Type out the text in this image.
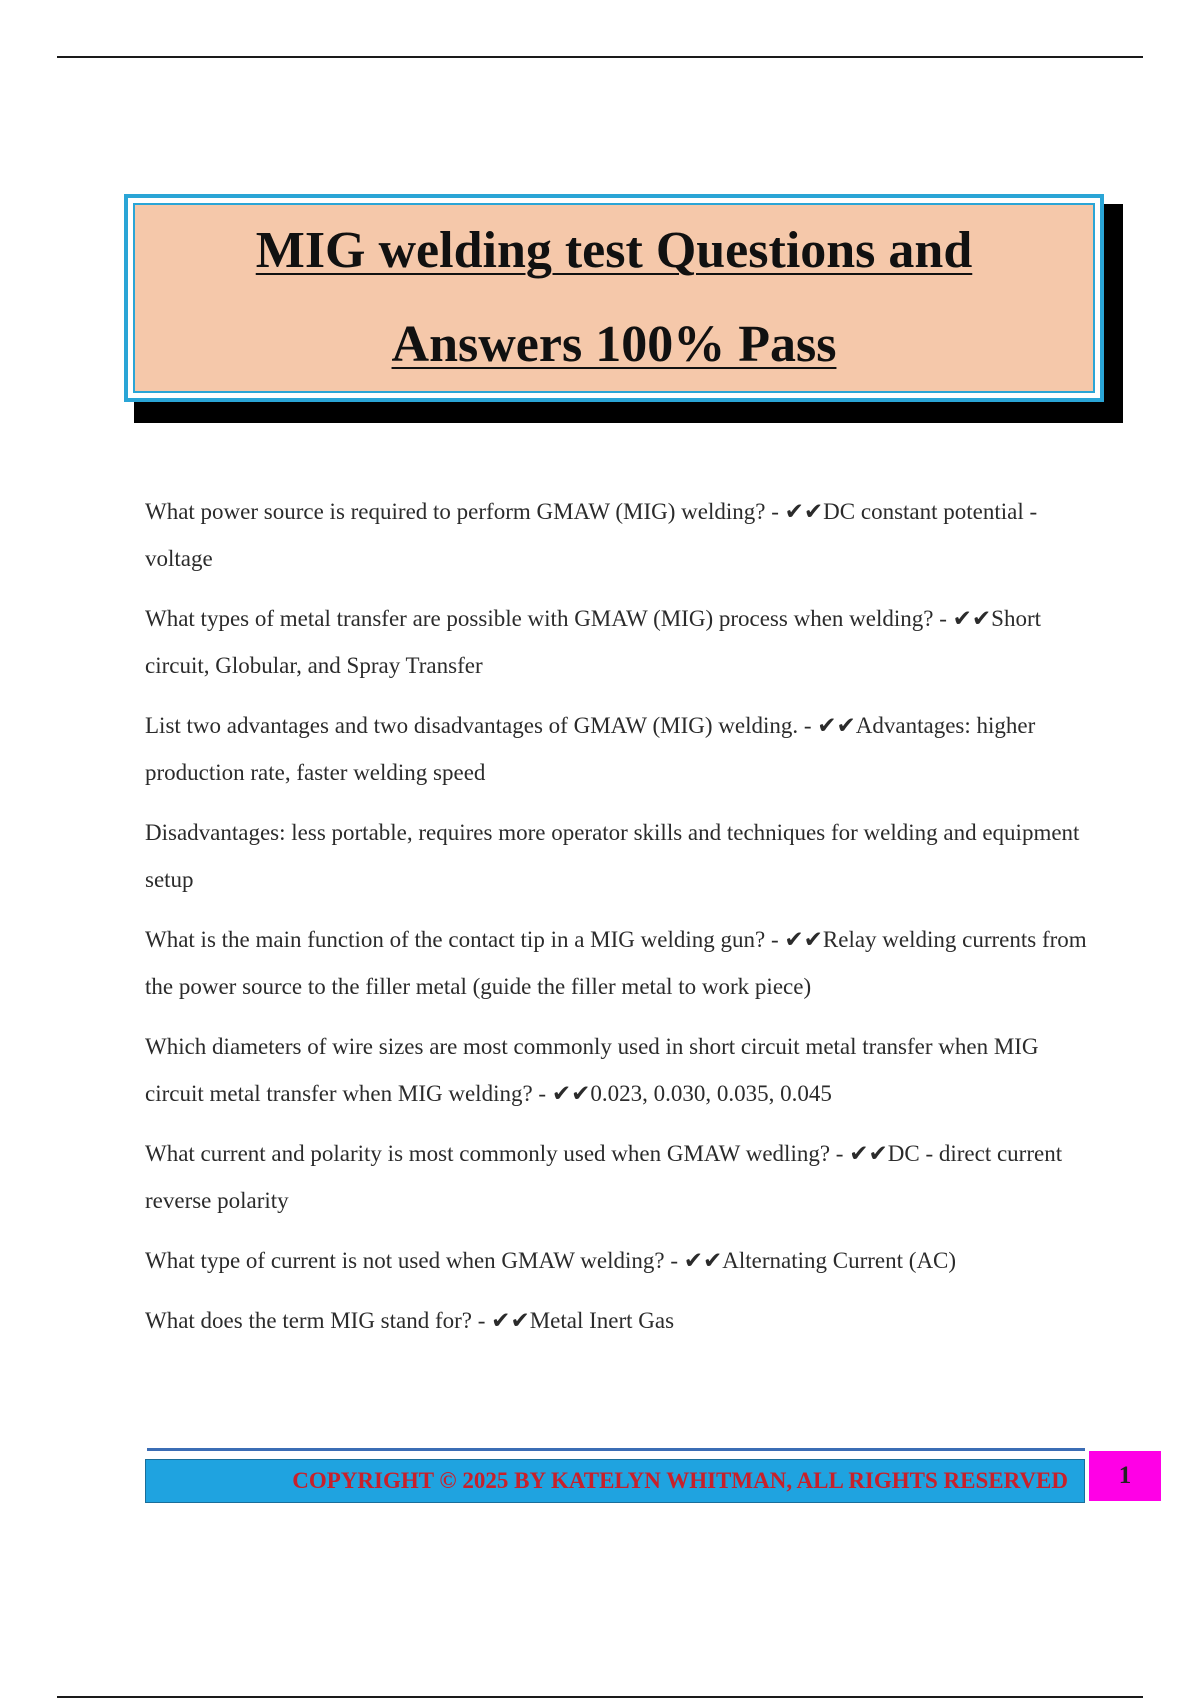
MIG welding test Questions and
Answers 100% Pass

What power source is required to perform GMAW (MIG) welding? - ✔✔DC constant potential - voltage

What types of metal transfer are possible with GMAW (MIG) process when welding? - ✔✔Short circuit, Globular, and Spray Transfer

List two advantages and two disadvantages of GMAW (MIG) welding. - ✔✔Advantages: higher production rate, faster welding speed

Disadvantages: less portable, requires more operator skills and techniques for welding and equipment setup

What is the main function of the contact tip in a MIG welding gun? - ✔✔Relay welding currents from the power source to the filler metal (guide the filler metal to work piece)

Which diameters of wire sizes are most commonly used in short circuit metal transfer when MIG circuit metal transfer when MIG welding? - ✔✔0.023, 0.030, 0.035, 0.045

What current and polarity is most commonly used when GMAW wedling? - ✔✔DC - direct current reverse polarity

What type of current is not used when GMAW welding? - ✔✔Alternating Current (AC)

What does the term MIG stand for? - ✔✔Metal Inert Gas

COPYRIGHT © 2025 BY KATELYN WHITMAN, ALL RIGHTS RESERVED 1
